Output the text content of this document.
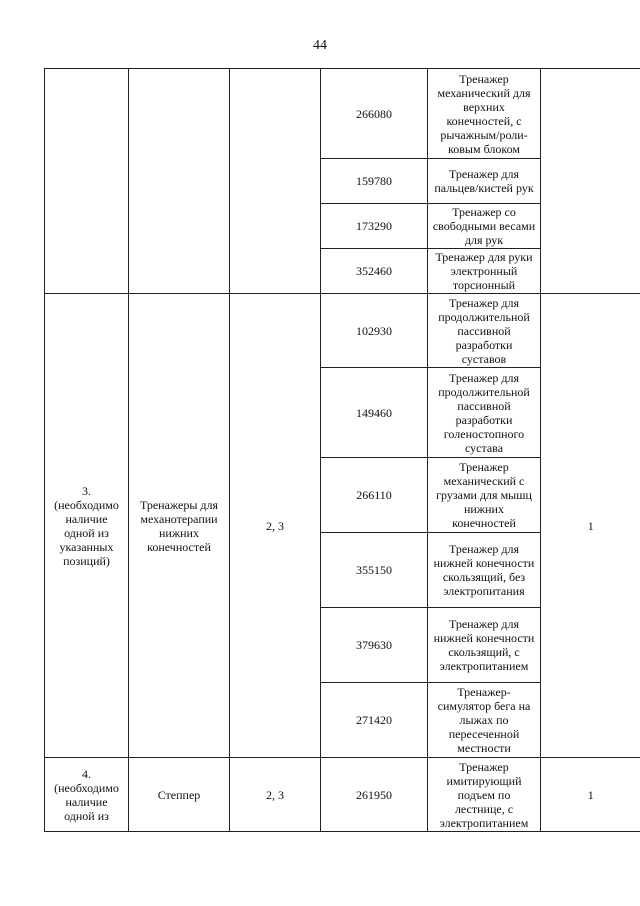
44
			266080	Тренажер механический для верхних конечностей, с рычажным/роли-ковым блоком	
			159780	Тренажер для пальцев/кистей рук	
			173290	Тренажер со свободными весами для рук	
			352460	Тренажер для руки электронный торсионный	
3. (необходимо наличие одной из указанных позиций)	Тренажеры для механотерапии нижних конечностей	2, 3	102930	Тренажер для продолжительной пассивной разработки суставов	1
			149460	Тренажер для продолжительной пассивной разработки голеностопного сустава	
			266110	Тренажер механический с грузами для мышц нижних конечностей	
			355150	Тренажер для нижней конечности скользящий, без электропитания	
			379630	Тренажер для нижней конечности скользящий, с электропитанием	
			271420	Тренажер-симулятор бега на лыжах по пересеченной местности	
4. (необходимо наличие одной из	Степпер	2, 3	261950	Тренажер имитирующий подъем по лестнице, с электропитанием	1
